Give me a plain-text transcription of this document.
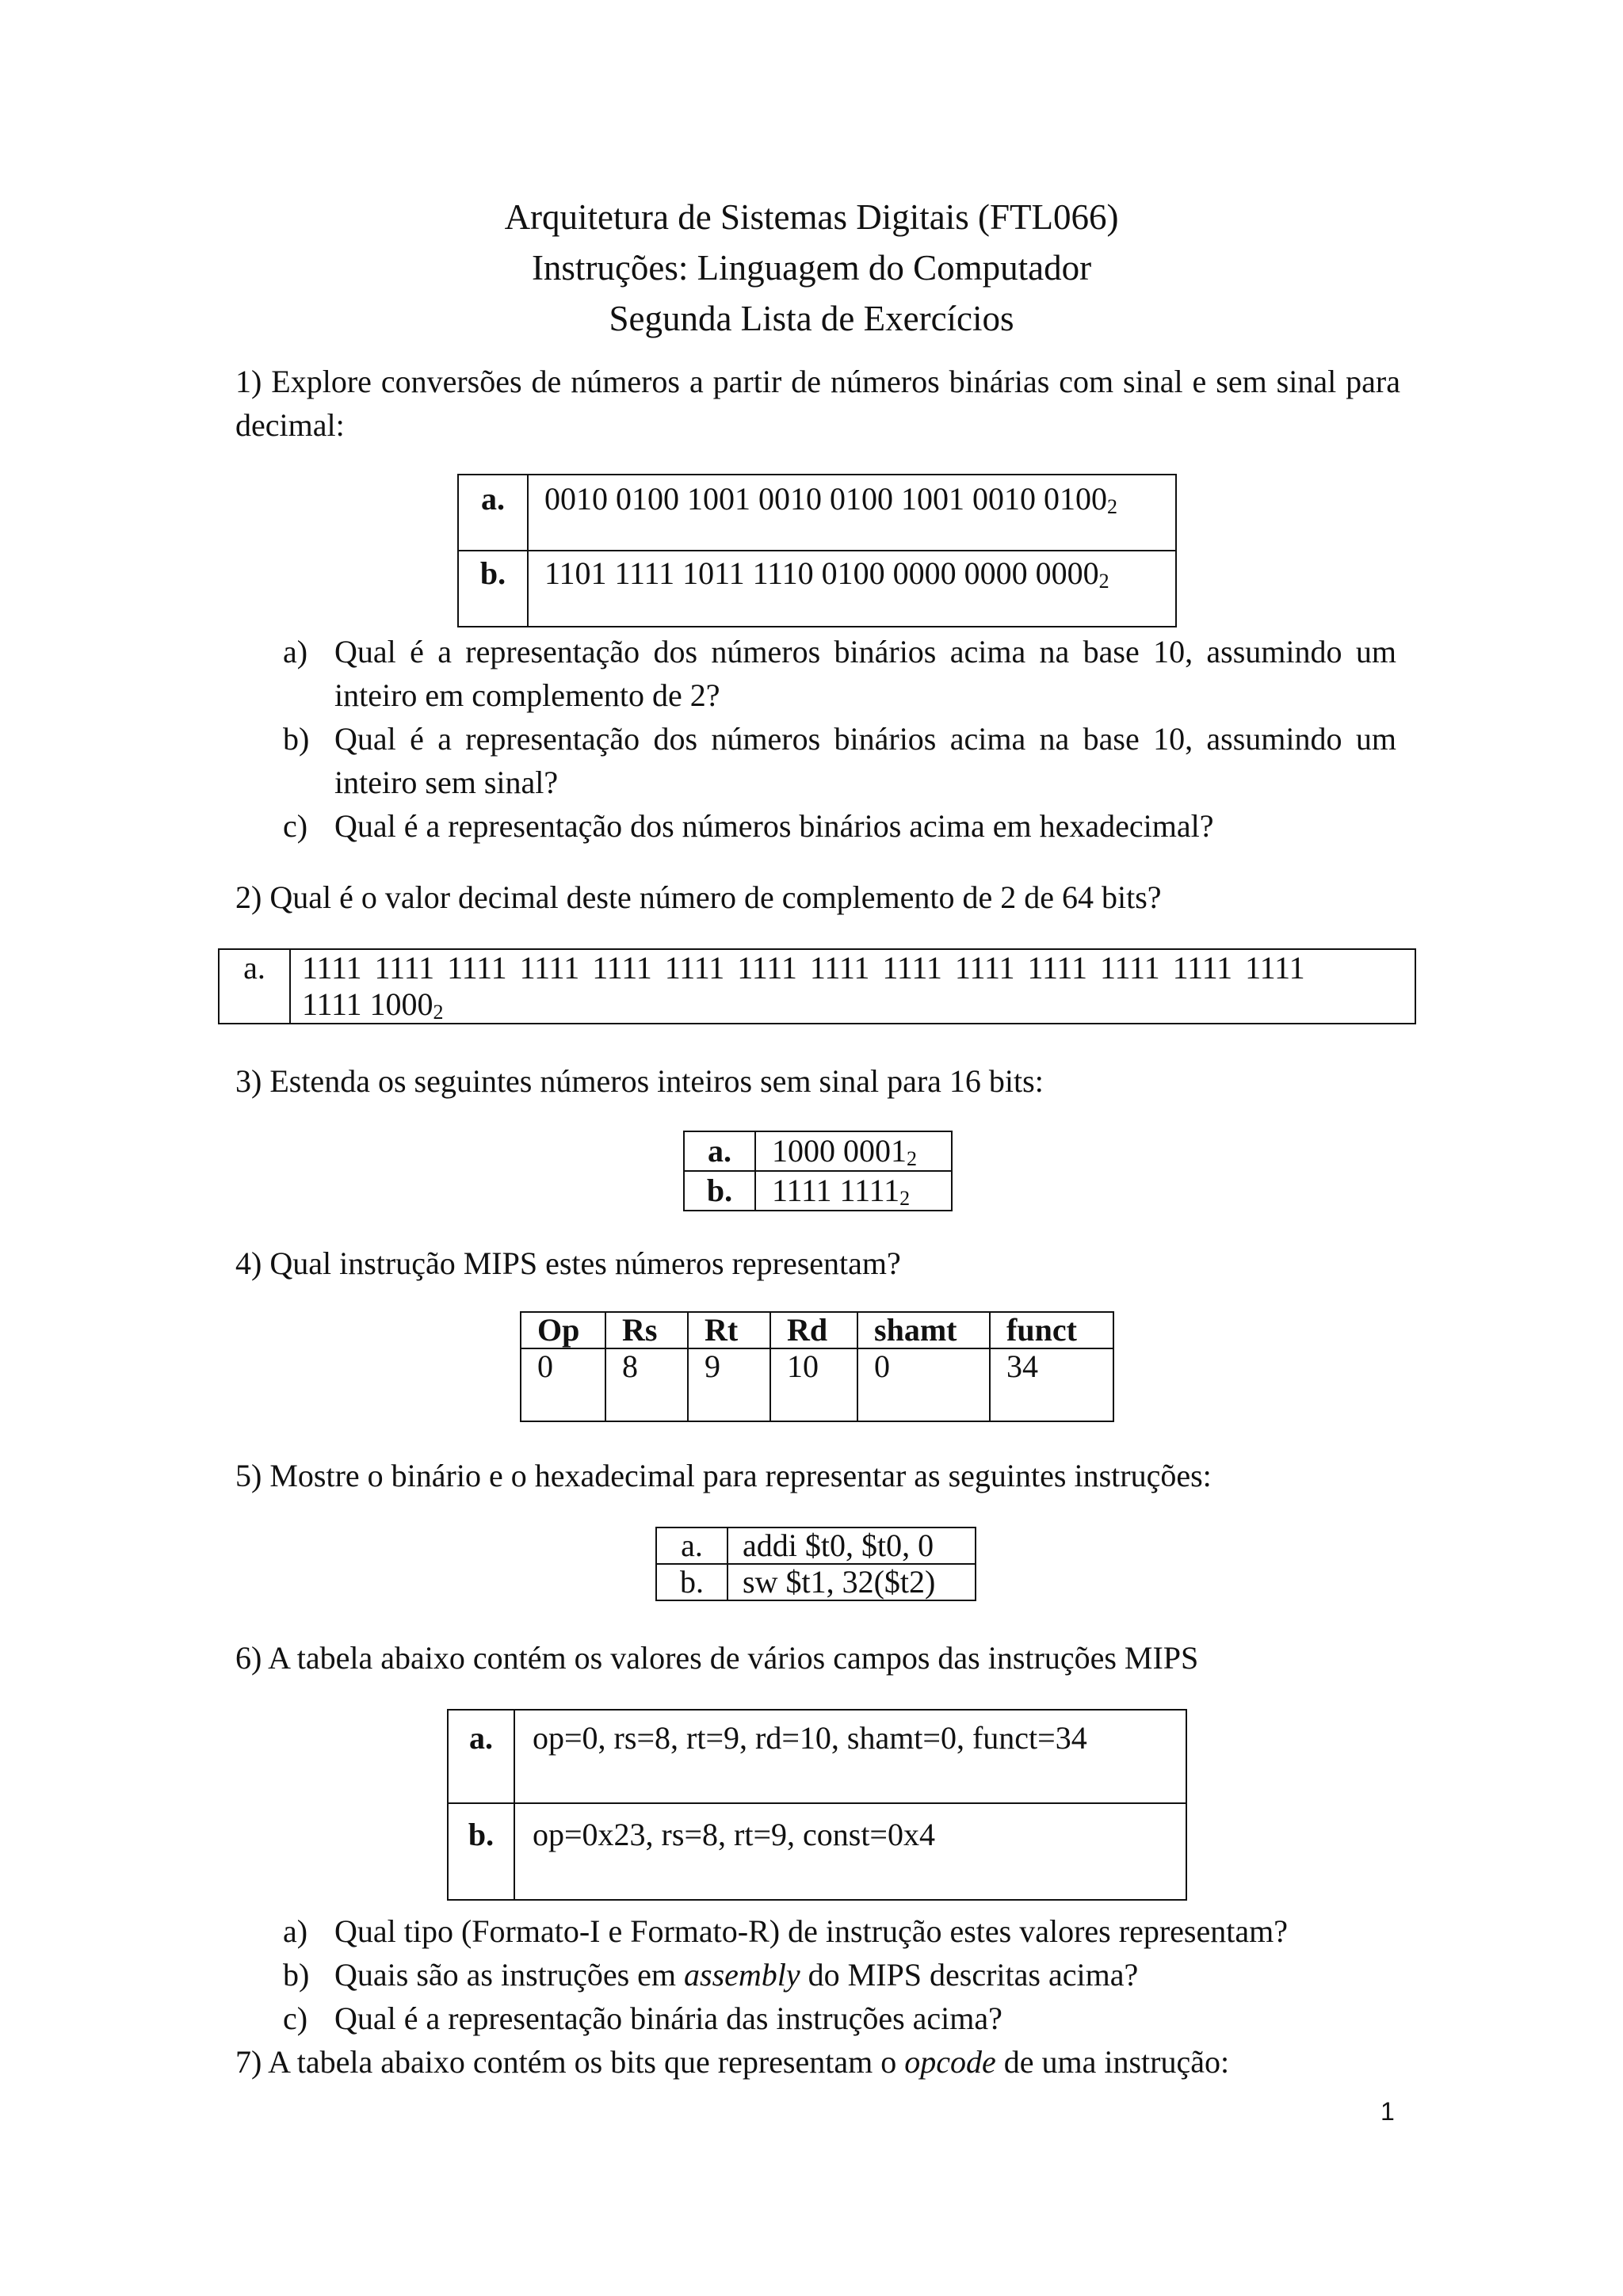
Arquitetura de Sistemas Digitais (FTL066)
Instruções: Linguagem do Computador
Segunda Lista de Exercícios
1) Explore conversões de números a partir de números binárias com sinal e sem sinal para decimal:
a.	0010 0100 1001 0010 0100 1001 0010 $0100_2$
b.	1101 1111 1011 1110 0100 0000 0000 $0000_2$
a) Qual é a representação dos números binários acima na base 10, assumindo um inteiro em complemento de 2?
b) Qual é a representação dos números binários acima na base 10, assumindo um inteiro sem sinal?
c) Qual é a representação dos números binários acima em hexadecimal?
2) Qual é o valor decimal deste número de complemento de 2 de 64 bits?
a.	1111 1111 1111 1111 1111 1111 1111 1111 1111 1111 1111 1111 1111 1111
1111 $1000_2$
3) Estenda os seguintes números inteiros sem sinal para 16 bits:
a.	1000 $0001_2$
b.	1111 $1111_2$
4) Qual instrução MIPS estes números representam?
Op	Rs	Rt	Rd	shamt	funct
0	8	9	10	0	34
5) Mostre o binário e o hexadecimal para representar as seguintes instruções:
a.	addi $t0, $t0, 0
b.	sw $t1, 32($t2)
6) A tabela abaixo contém os valores de vários campos das instruções MIPS
a.	op=0, rs=8, rt=9, rd=10, shamt=0, funct=34
b.	op=0x23, rs=8, rt=9, const=0x4
a) Qual tipo (Formato-I e Formato-R) de instrução estes valores representam?
b) Quais são as instruções em assembly do MIPS descritas acima?
c) Qual é a representação binária das instruções acima?
7) A tabela abaixo contém os bits que representam o opcode de uma instrução:
1
